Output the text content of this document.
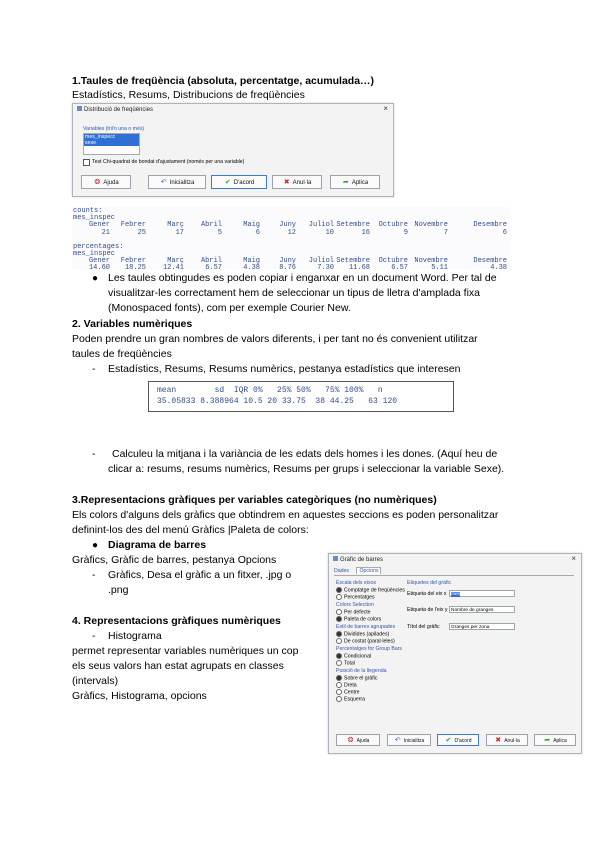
1.Taules de freqüència (absoluta, percentatge, acumulada…)
Estadístics, Resums, Distribucions de freqüències
Distribució de freqüències	×
Variables (trii'n una o més)
mes_inspecc
sexe
Test Chi-quadrat de bondat d'ajustament (només per una variable)
❂ Ajuda	↶ Inicialitza	✔ D'acord	✖ Anul·la	➦ Aplica
counts:
mes_inspec
Gener Febrer	Març Abril	Maig	Juny Juliol Setembre Octubre Novembre	Desembre
21	25	17	5	6	12	10	16	9	7	6
percentages:
mes_inspec
Gener Febrer	Març Abril	Maig	Juny Juliol Setembre Octubre Novembre	Desembre
14.60 18.25 12.41	6.57	4.38	8.76	7.30 11.68	6.57	5.11	4.38
● Les taules obtingudes es poden copiar i enganxar en un document Word. Per tal de
visualitzar-les correctament hem de seleccionar un tipus de lletra d'amplada fixa
(Monospaced fonts), com per exemple Courier New.
2. Variables numèriques
Poden prendre un gran nombres de valors diferents, i per tant no és convenient utilitzar
taules de freqüències
- Estadístics, Resums, Resums numèrics, pestanya estadístics que interesen
mean        sd  IQR 0%   25% 50%   75% 100%   n
35.05833 8.388964 10.5 20 33.75  38 44.25   63 120
- Calculeu la mitjana i la variància de les edats dels homes i les dones. (Aquí heu de
clicar a: resums, resums numèrics, Resums per grups i seleccionar la variable Sexe).
3.Representacions gràfiques per variables categòriques (no numèriques)
Els colors d'alguns dels gràfics que obtindrem en aquestes seccions es poden personalitzar
definint-los des del menú Gràfics |Paleta de colors:
● Diagrama de barres
Gràfics, Gràfic de barres, pestanya Opcions
- Gràfics, Desa el gràfic a un fitxer, .jpg o
.png
4. Representacions gràfiques numèriques
- Histograma
permet representar variables numèriques un cop
els seus valors han estat agrupats en classes
(intervals)
Gràfics, Histograma, opcions
Gràfic de barres	×
Dades Opcions
Escala dels eixos
Comptatge de freqüències
Percentatges
Colors Selection
Per defecte
Paleta de colors
Estil de barres agrupades
Dividides (apilades)
De costat (paral·leles)
Percentatges for Group Bars
Condicional
Total
Posició de la llegenda
Sobre el gràfic
Dreta
Centre
Esquerra
Etiquetes del gràfic
Etiqueta del eix x mes
Etiqueta de l'eix y Nombre de granges
Títol del gràfic	Granges per zona
❂ Ajuda	↶ Inicialitza	✔ D'acord	✖ Anul·la	➦ Aplica
